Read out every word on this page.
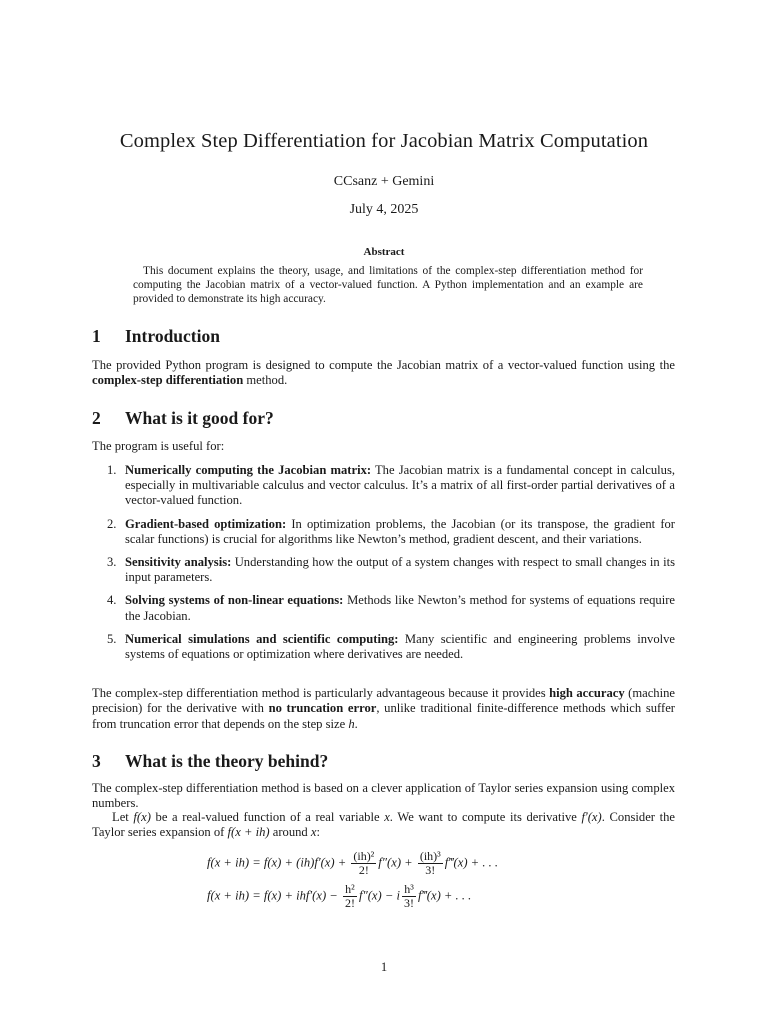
Complex Step Differentiation for Jacobian Matrix Computation
CCsanz + Gemini
July 4, 2025
Abstract
This document explains the theory, usage, and limitations of the complex-step differentiation method for computing the Jacobian matrix of a vector-valued function. A Python implementation and an example are provided to demonstrate its high accuracy.
1 Introduction
The provided Python program is designed to compute the Jacobian matrix of a vector-valued function using the complex-step differentiation method.
2 What is it good for?
The program is useful for:
1. Numerically computing the Jacobian matrix: The Jacobian matrix is a fundamental concept in calculus, especially in multivariable calculus and vector calculus. It’s a matrix of all first-order partial derivatives of a vector-valued function.
2. Gradient-based optimization: In optimization problems, the Jacobian (or its transpose, the gradient for scalar functions) is crucial for algorithms like Newton’s method, gradient descent, and their variations.
3. Sensitivity analysis: Understanding how the output of a system changes with respect to small changes in its input parameters.
4. Solving systems of non-linear equations: Methods like Newton’s method for systems of equations require the Jacobian.
5. Numerical simulations and scientific computing: Many scientific and engineering problems involve systems of equations or optimization where derivatives are needed.
The complex-step differentiation method is particularly advantageous because it provides high accuracy (machine precision) for the derivative with no truncation error, unlike traditional finite-difference methods which suffer from truncation error that depends on the step size h.
3 What is the theory behind?
The complex-step differentiation method is based on a clever application of Taylor series expansion using complex numbers.
Let f(x) be a real-valued function of a real variable x. We want to compute its derivative f′(x). Consider the Taylor series expansion of f(x + ih) around x:
$f(x + ih) = f(x) + (ih)f'(x) + \frac{\text{(ih)²}}{2!} f''(x) + \frac{\text{(ih)³}}{3!}$ f‴(x) + . . .
$f(x + ih) = f(x) + ihf'(x) - \frac{\text{h²}}{2!} f''(x) - i \frac{\text{h³}}{3!}$ f‴(x) + . . .
1
